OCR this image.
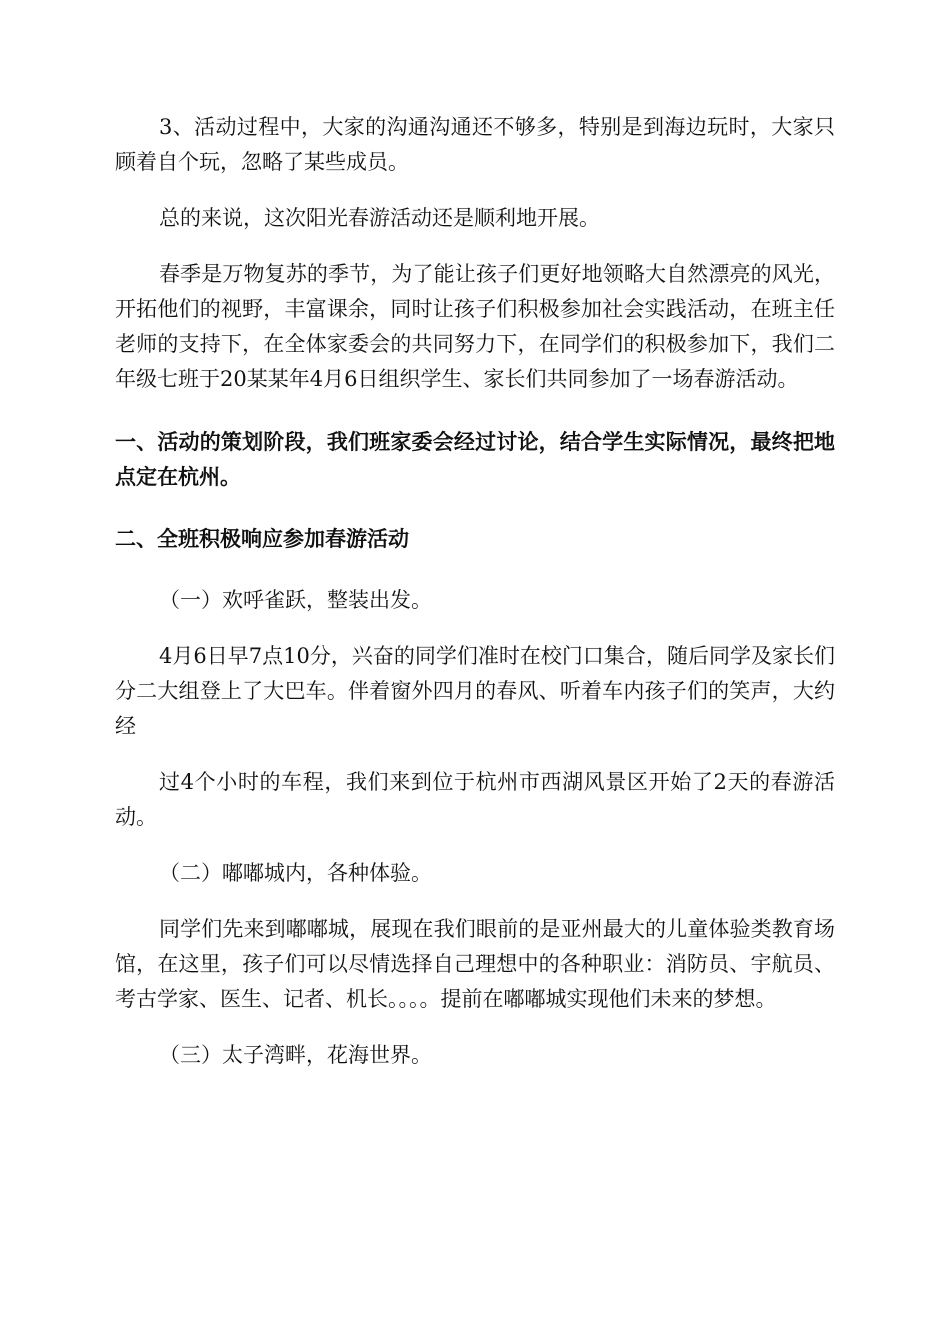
3、活动过程中，大家的沟通沟通还不够多，特别是到海边玩时，大家只顾着自个玩，忽略了某些成员。

总的来说，这次阳光春游活动还是顺利地开展。

春季是万物复苏的季节，为了能让孩子们更好地领略大自然漂亮的风光，开拓他们的视野，丰富课余，同时让孩子们积极参加社会实践活动，在班主任老师的支持下，在全体家委会的共同努力下，在同学们的积极参加下，我们二年级七班于20某某年4月6日组织学生、家长们共同参加了一场春游活动。

一、活动的策划阶段，我们班家委会经过讨论，结合学生实际情况，最终把地点定在杭州。

二、全班积极响应参加春游活动

（一）欢呼雀跃，整装出发。

4月6日早7点10分，兴奋的同学们准时在校门口集合，随后同学及家长们分二大组登上了大巴车。伴着窗外四月的春风、听着车内孩子们的笑声，大约经

过4个小时的车程，我们来到位于杭州市西湖风景区开始了2天的春游活动。

（二）嘟嘟城内，各种体验。

同学们先来到嘟嘟城，展现在我们眼前的是亚州最大的儿童体验类教育场馆，在这里，孩子们可以尽情选择自己理想中的各种职业：消防员、宇航员、考古学家、医生、记者、机长。。。。提前在嘟嘟城实现他们未来的梦想。

（三）太子湾畔，花海世界。
